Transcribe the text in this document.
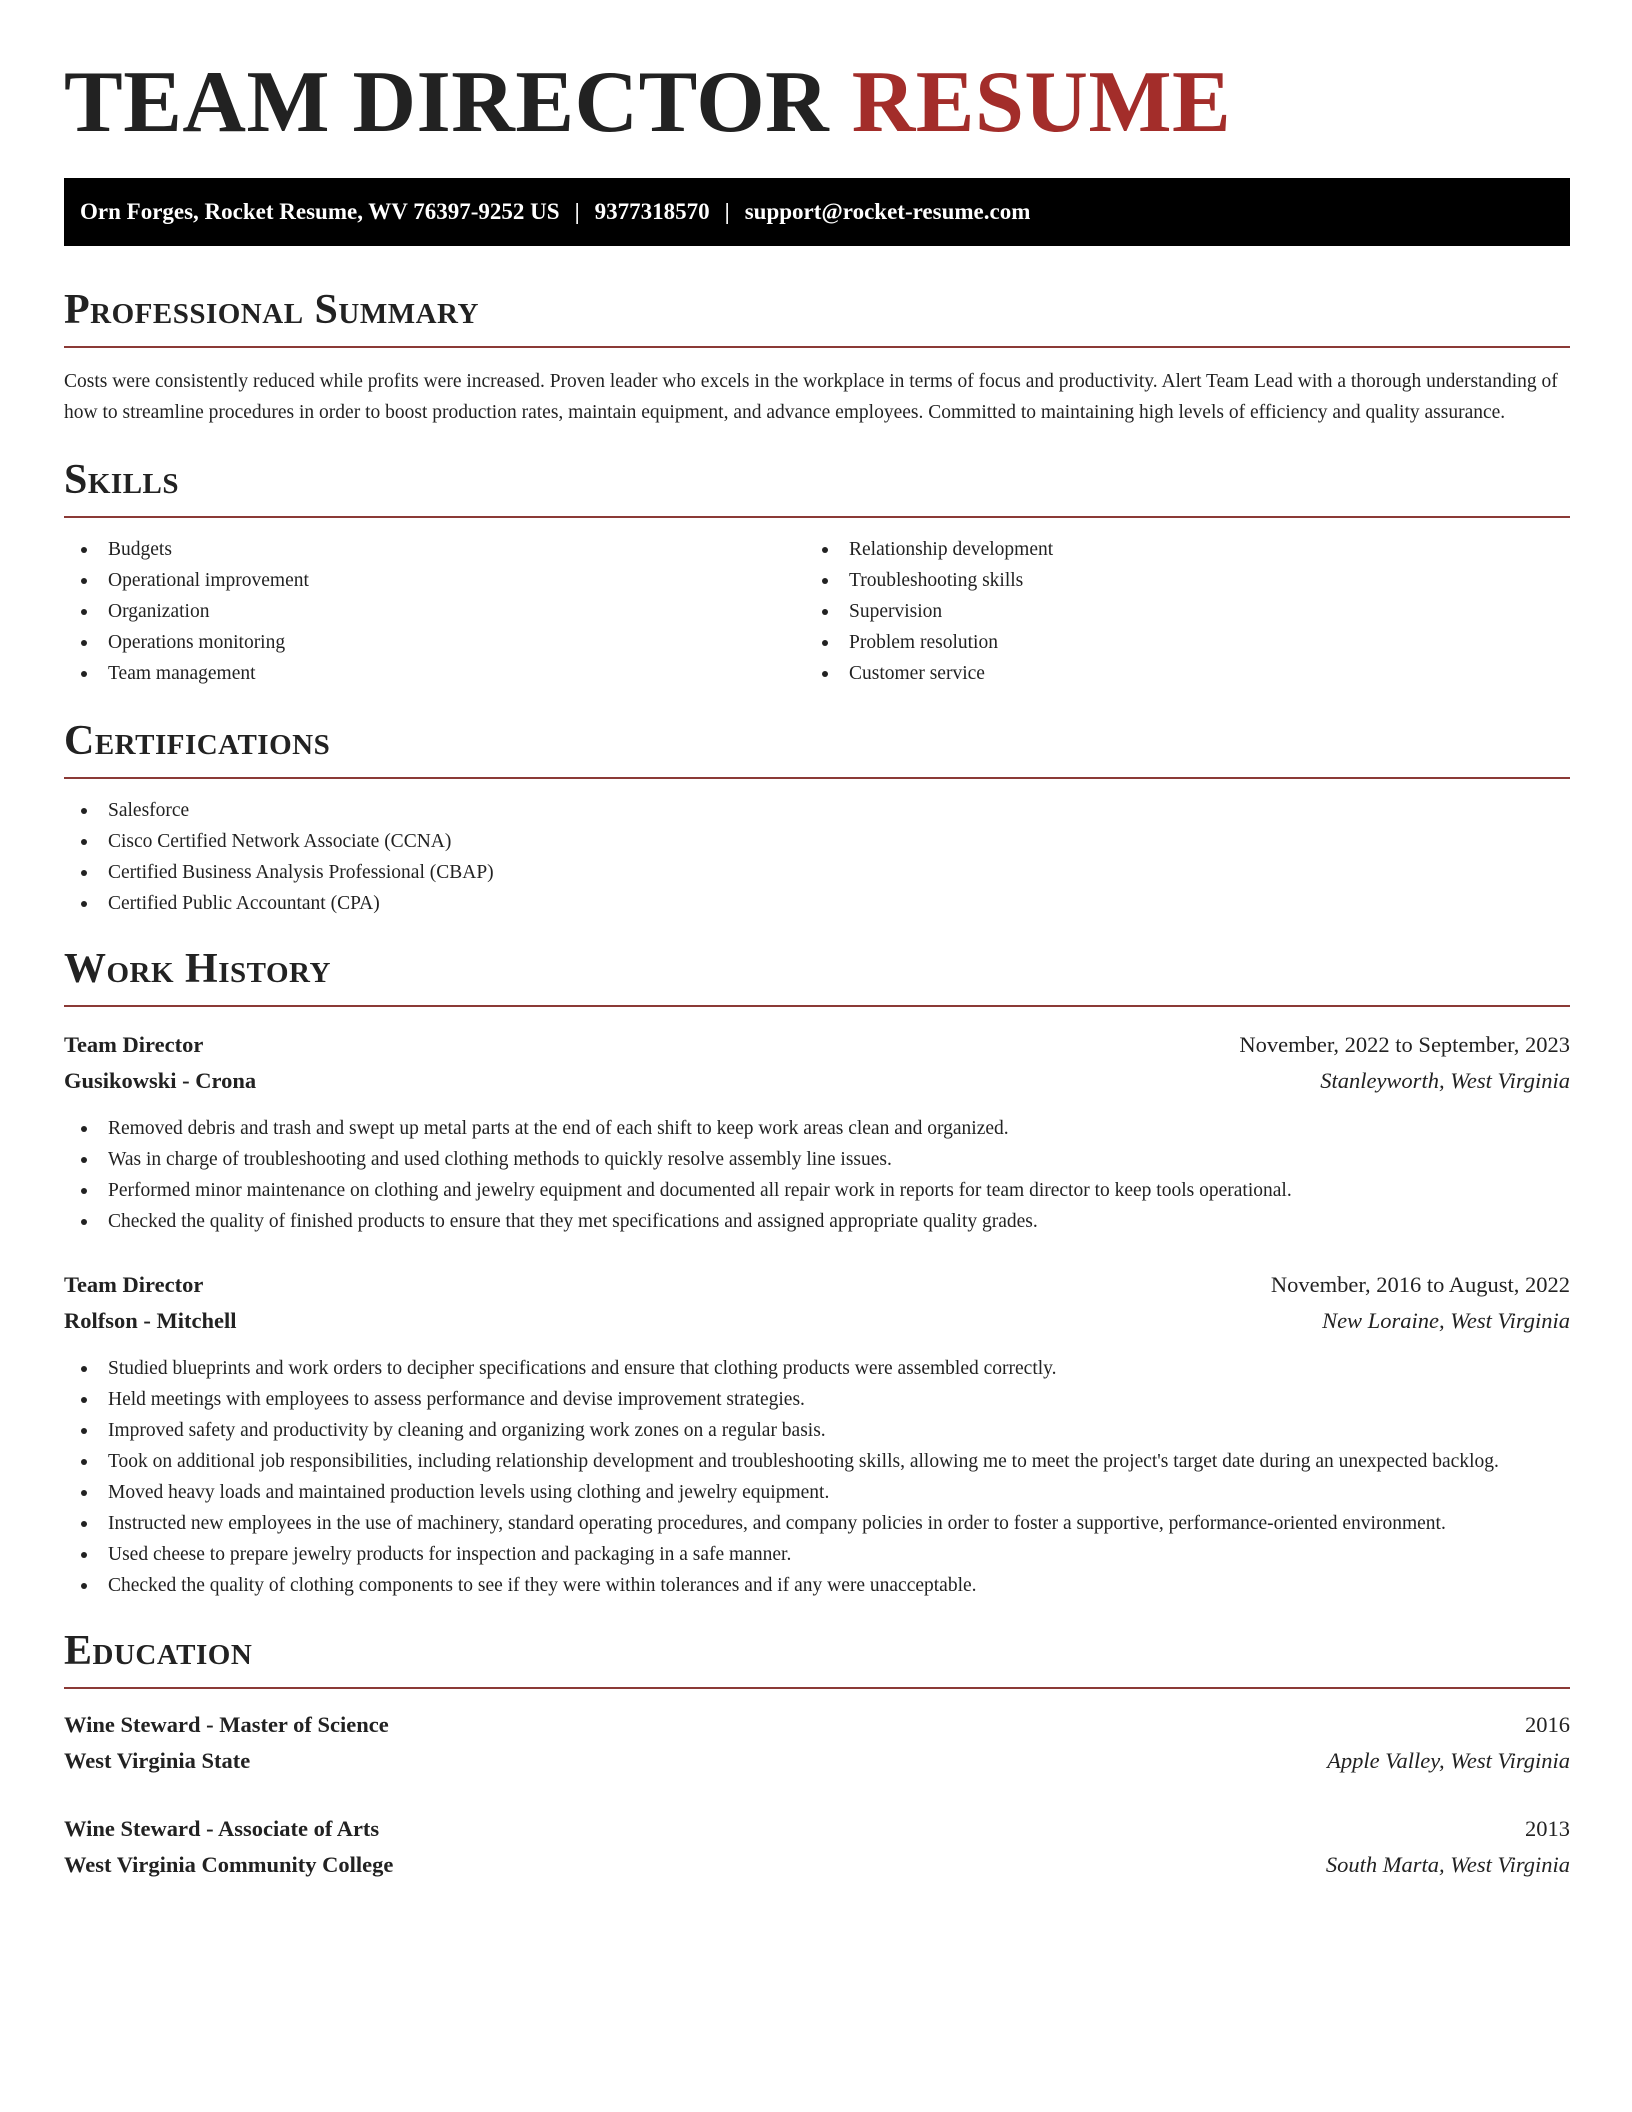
TEAM DIRECTOR RESUME
Orn Forges, Rocket Resume, WV 76397-9252 US | 9377318570 | support@rocket-resume.com
Professional Summary

Costs were consistently reduced while profits were increased. Proven leader who excels in the workplace in terms of focus and productivity. Alert Team Lead with a thorough understanding of how to streamline procedures in order to boost production rates, maintain equipment, and advance employees. Committed to maintaining high levels of efficiency and quality assurance.

Skills
Budgets
Operational improvement
Organization
Operations monitoring
Team management
Relationship development
Troubleshooting skills
Supervision
Problem resolution
Customer service
Certifications
Salesforce
Cisco Certified Network Associate (CCNA)
Certified Business Analysis Professional (CBAP)
Certified Public Accountant (CPA)
Work History
Team Director	November, 2022 to September, 2023
Gusikowski - Crona	Stanleyworth, West Virginia
Removed debris and trash and swept up metal parts at the end of each shift to keep work areas clean and organized.
Was in charge of troubleshooting and used clothing methods to quickly resolve assembly line issues.
Performed minor maintenance on clothing and jewelry equipment and documented all repair work in reports for team director to keep tools operational.
Checked the quality of finished products to ensure that they met specifications and assigned appropriate quality grades.
Team Director	November, 2016 to August, 2022
Rolfson - Mitchell	New Loraine, West Virginia
Studied blueprints and work orders to decipher specifications and ensure that clothing products were assembled correctly.
Held meetings with employees to assess performance and devise improvement strategies.
Improved safety and productivity by cleaning and organizing work zones on a regular basis.
Took on additional job responsibilities, including relationship development and troubleshooting skills, allowing me to meet the project's target date during an unexpected backlog.
Moved heavy loads and maintained production levels using clothing and jewelry equipment.
Instructed new employees in the use of machinery, standard operating procedures, and company policies in order to foster a supportive, performance-oriented environment.
Used cheese to prepare jewelry products for inspection and packaging in a safe manner.
Checked the quality of clothing components to see if they were within tolerances and if any were unacceptable.
Education
Wine Steward - Master of Science	2016
West Virginia State	Apple Valley, West Virginia
Wine Steward - Associate of Arts	2013
West Virginia Community College	South Marta, West Virginia
